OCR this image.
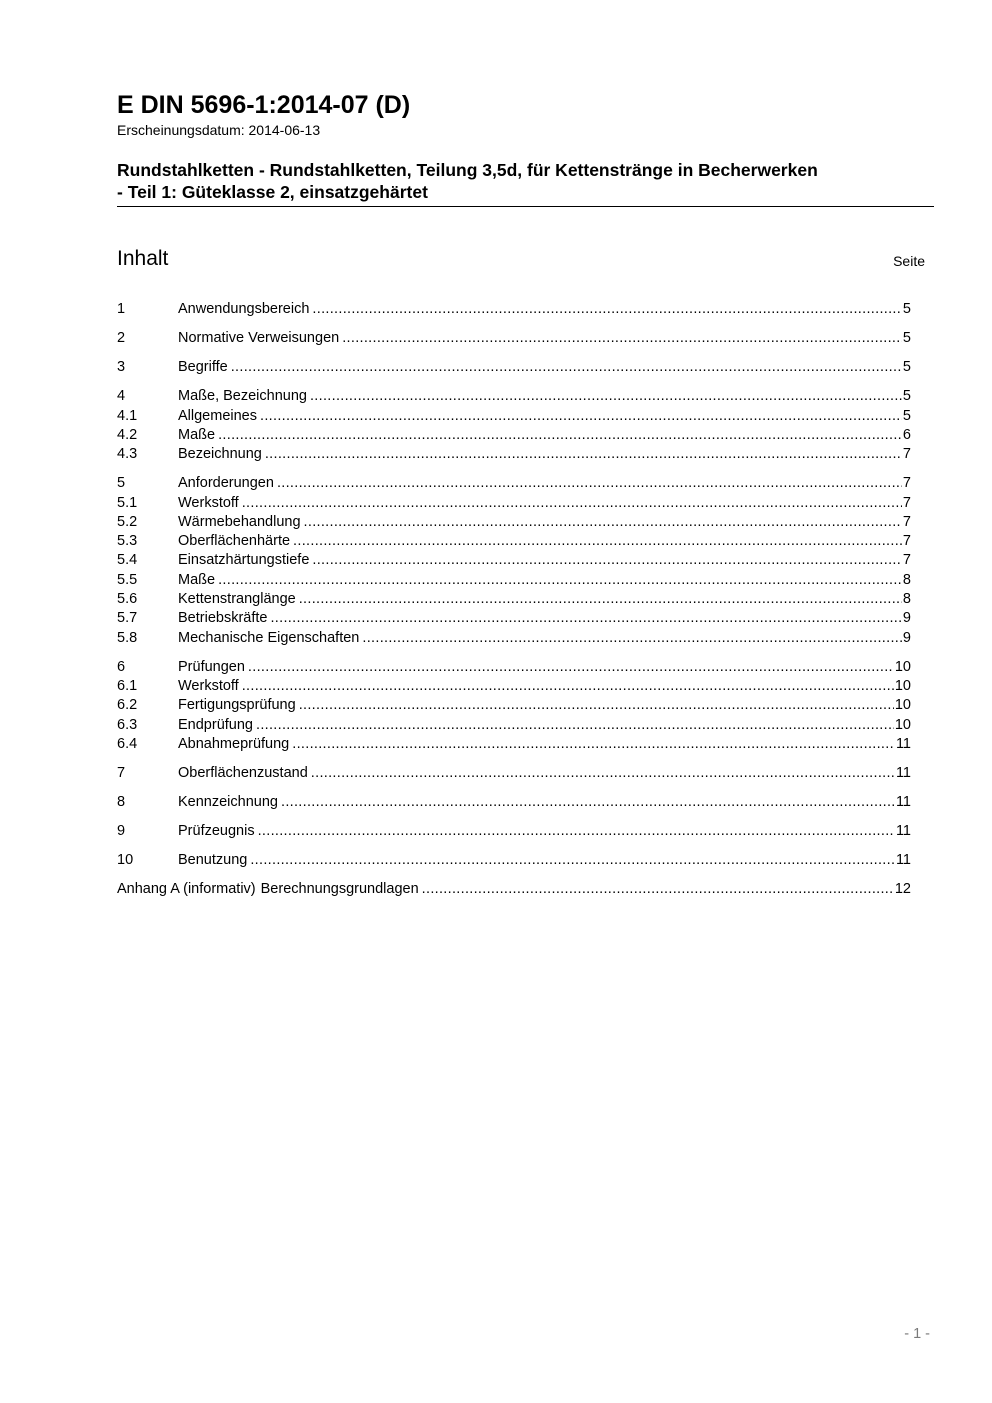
E DIN 5696-1:2014-07 (D)
Erscheinungsdatum: 2014-06-13
Rundstahlketten - Rundstahlketten, Teilung 3,5d, für Kettenstränge in Becherwerken
- Teil 1: Güteklasse 2, einsatzgehärtet
Inhalt	Seite
1	Anwendungsbereich .....	5
2	Normative Verweisungen .....	5
3	Begriffe .....	5
4	Maße, Bezeichnung .....	5
4.1	Allgemeines .....	5
4.2	Maße .....	6
4.3	Bezeichnung .....	7
5	Anforderungen .....	7
5.1	Werkstoff .....	7
5.2	Wärmebehandlung .....	7
5.3	Oberflächenhärte .....	7
5.4	Einsatzhärtungstiefe .....	7
5.5	Maße .....	8
5.6	Kettenstranglänge .....	8
5.7	Betriebskräfte .....	9
5.8	Mechanische Eigenschaften .....	9
6	Prüfungen .....	10
6.1	Werkstoff .....	10
6.2	Fertigungsprüfung .....	10
6.3	Endprüfung .....	10
6.4	Abnahmeprüfung .....	11
7	Oberflächenzustand .....	11
8	Kennzeichnung .....	11
9	Prüfzeugnis .....	11
10	Benutzung .....	11
Anhang A (informativ) Berechnungsgrundlagen .....	12
- 1 -
